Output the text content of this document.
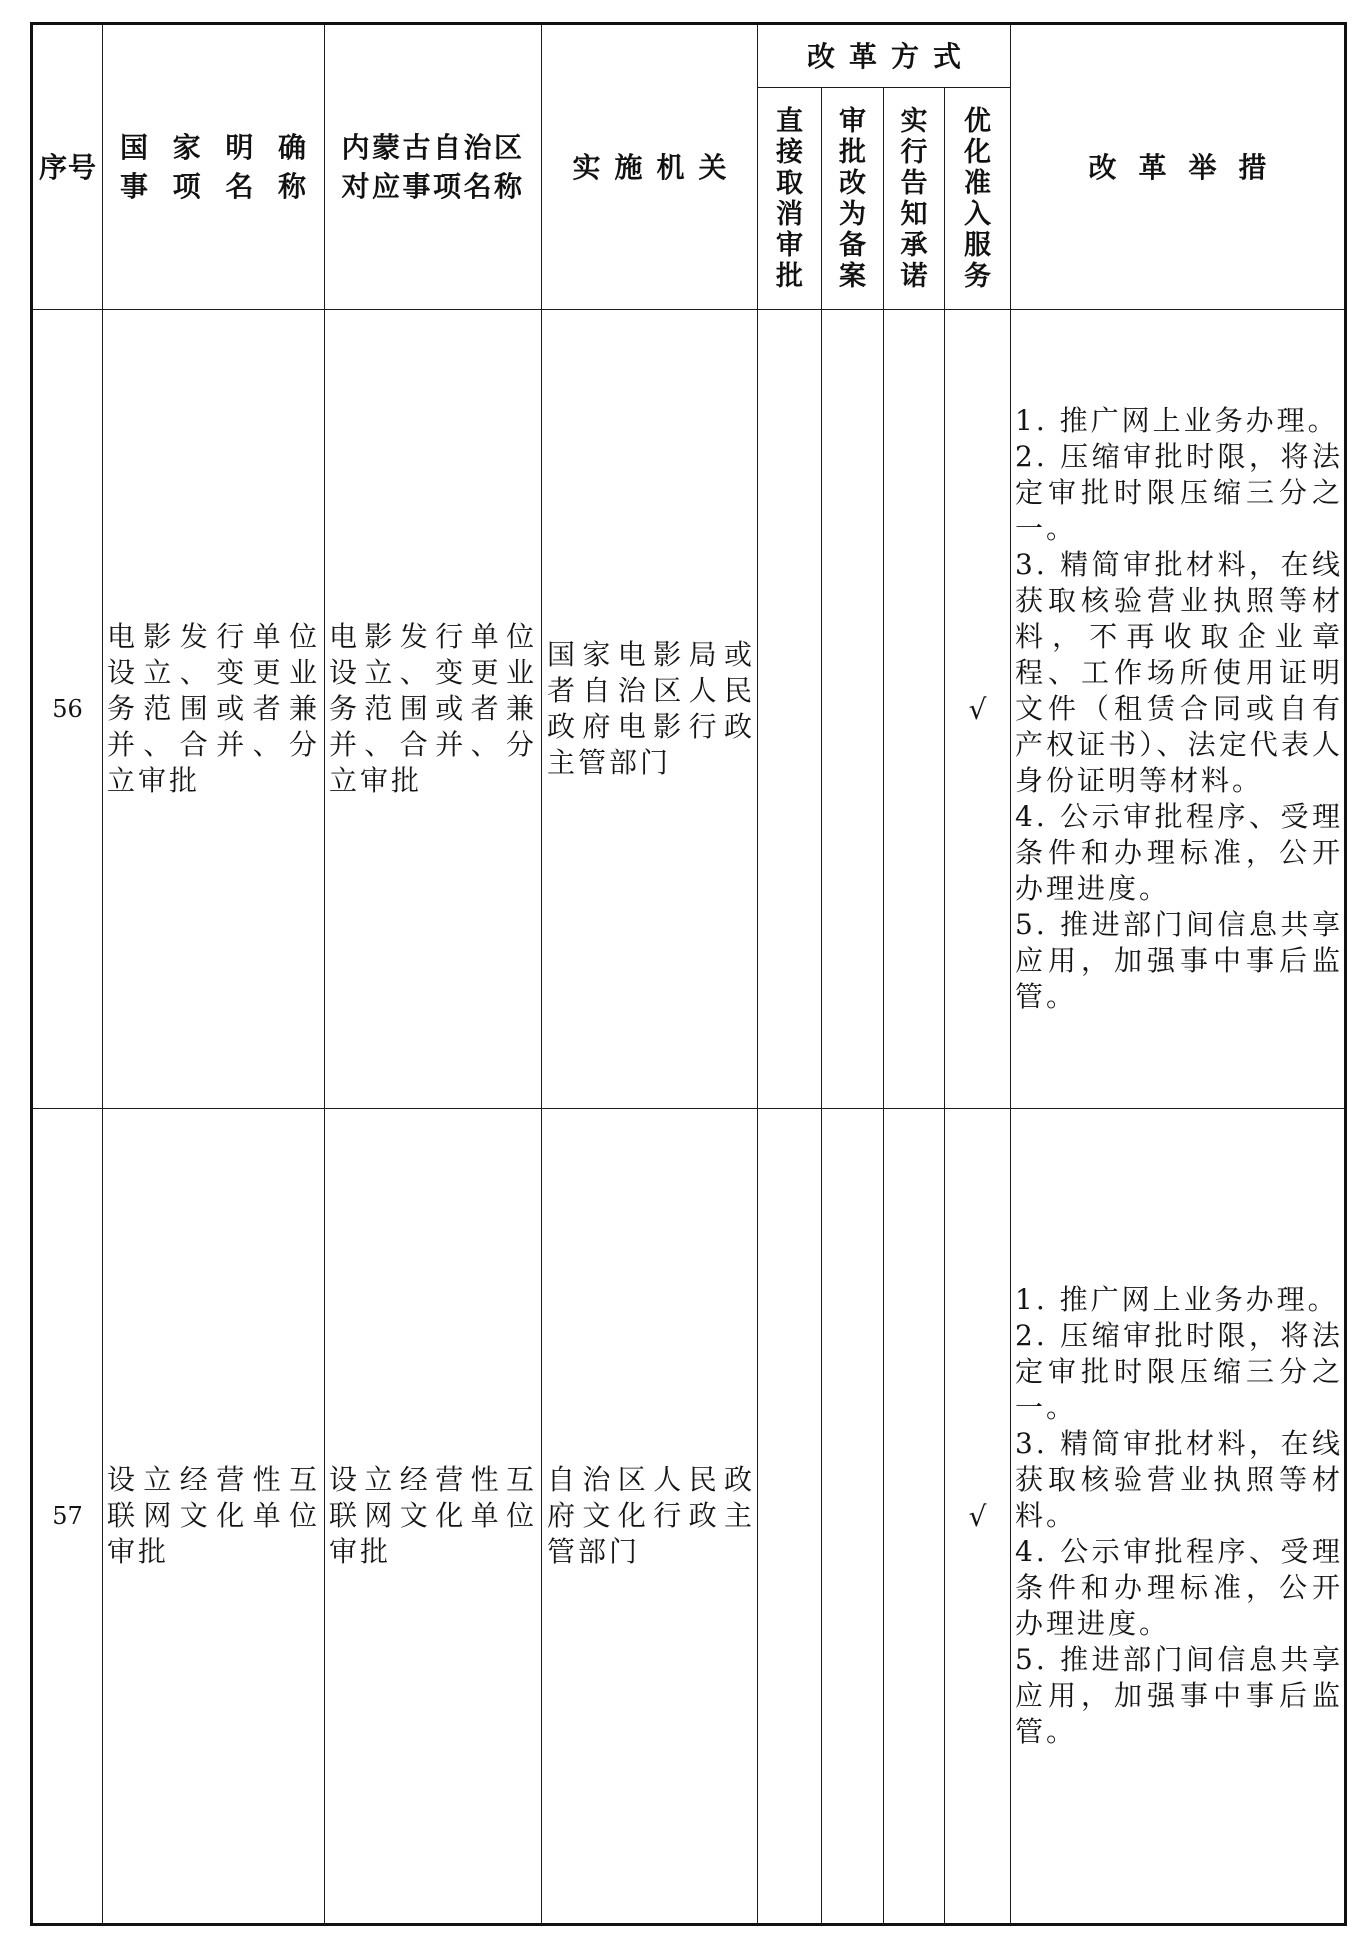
序号	国家明确事项名称	内蒙古自治区对应事项名称	实施机关	改革方式				改革举措

				直接取消审批	审批改为备案	实行告知承诺	优化准入服务	

56	电影发行单位设立、变更业务范围或者兼并、合并、分立审批	电影发行单位设立、变更业务范围或者兼并、合并、分立审批	国家电影局或者自治区人民政府电影行政主管部门				√	1. 推广网上业务办理。
2. 压缩审批时限，将法定审批时限压缩三分之一。
3. 精简审批材料，在线获取核验营业执照等材料，不再收取企业章程、工作场所使用证明文件（租赁合同或自有产权证书）、法定代表人身份证明等材料。
4. 公示审批程序、受理条件和办理标准，公开办理进度。
5. 推进部门间信息共享应用，加强事中事后监管。

57	设立经营性互联网文化单位审批	设立经营性互联网文化单位审批	自治区人民政府文化行政主管部门				√	1. 推广网上业务办理。
2. 压缩审批时限，将法定审批时限压缩三分之一。
3. 精简审批材料，在线获取核验营业执照等材料。
4. 公示审批程序、受理条件和办理标准，公开办理进度。
5. 推进部门间信息共享应用，加强事中事后监管。
